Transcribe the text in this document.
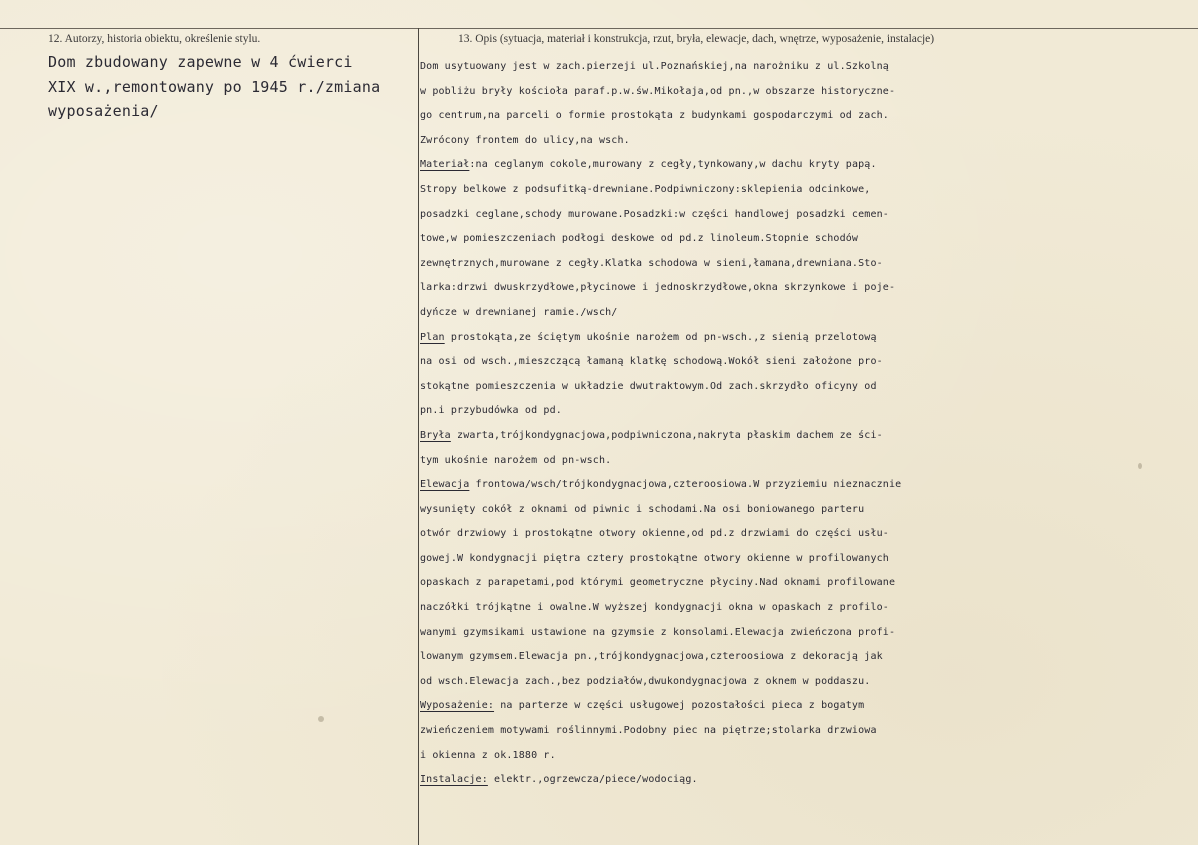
12. Autorzy, historia obiektu, określenie stylu.	13. Opis (sytuacja, materiał i konstrukcja, rzut, bryła, elewacje, dach, wnętrze, wyposażenie, instalacje)
Dom zbudowany zapewne w 4 ćwierci
XIX w.,remontowany po 1945 r./zmiana
wyposażenia/
Dom usytuowany jest w zach.pierzeji ul.Poznańskiej,na narożniku z ul.Szkolną
w pobliżu bryły kościoła paraf.p.w.św.Mikołaja,od pn.,w obszarze historyczne-
go centrum,na parceli o formie prostokąta z budynkami gospodarczymi od zach.
Zwrócony frontem do ulicy,na wsch.
Materiał:na ceglanym cokole,murowany z cegły,tynkowany,w dachu kryty papą.
Stropy belkowe z podsufitką-drewniane.Podpiwniczony:sklepienia odcinkowe,
posadzki ceglane,schody murowane.Posadzki:w części handlowej posadzki cemen-
towe,w pomieszczeniach podłogi deskowe od pd.z linoleum.Stopnie schodów
zewnętrznych,murowane z cegły.Klatka schodowa w sieni,łamana,drewniana.Sto-
larka:drzwi dwuskrzydłowe,płycinowe i jednoskrzydłowe,okna skrzynkowe i poje-
dyńcze w drewnianej ramie./wsch/
Plan prostokąta,ze ściętym ukośnie narożem od pn-wsch.,z sienią przelotową
na osi od wsch.,mieszczącą łamaną klatkę schodową.Wokół sieni założone pro-
stokątne pomieszczenia w układzie dwutraktowym.Od zach.skrzydło oficyny od
pn.i przybudówka od pd.
Bryła zwarta,trójkondygnacjowa,podpiwniczona,nakryta płaskim dachem ze ści-
tym ukośnie narożem od pn-wsch.
Elewacja frontowa/wsch/trójkondygnacjowa,czteroosiowa.W przyziemiu nieznacznie
wysunięty cokół z oknami od piwnic i schodami.Na osi boniowanego parteru
otwór drzwiowy i prostokątne otwory okienne,od pd.z drzwiami do części usłu-
gowej.W kondygnacji piętra cztery prostokątne otwory okienne w profilowanych
opaskach z parapetami,pod którymi geometryczne płyciny.Nad oknami profilowane
naczółki trójkątne i owalne.W wyższej kondygnacji okna w opaskach z profilo-
wanymi gzymsikami ustawione na gzymsie z konsolami.Elewacja zwieńczona profi-
lowanym gzymsem.Elewacja pn.,trójkondygnacjowa,czteroosiowa z dekoracją jak
od wsch.Elewacja zach.,bez podziałów,dwukondygnacjowa z oknem w poddaszu.
Wyposażenie: na parterze w części usługowej pozostałości pieca z bogatym
zwieńczeniem motywami roślinnymi.Podobny piec na piętrze;stolarka drzwiowa
i okienna z ok.1880 r.
Instalacje: elektr.,ogrzewcza/piece/wodociąg.
